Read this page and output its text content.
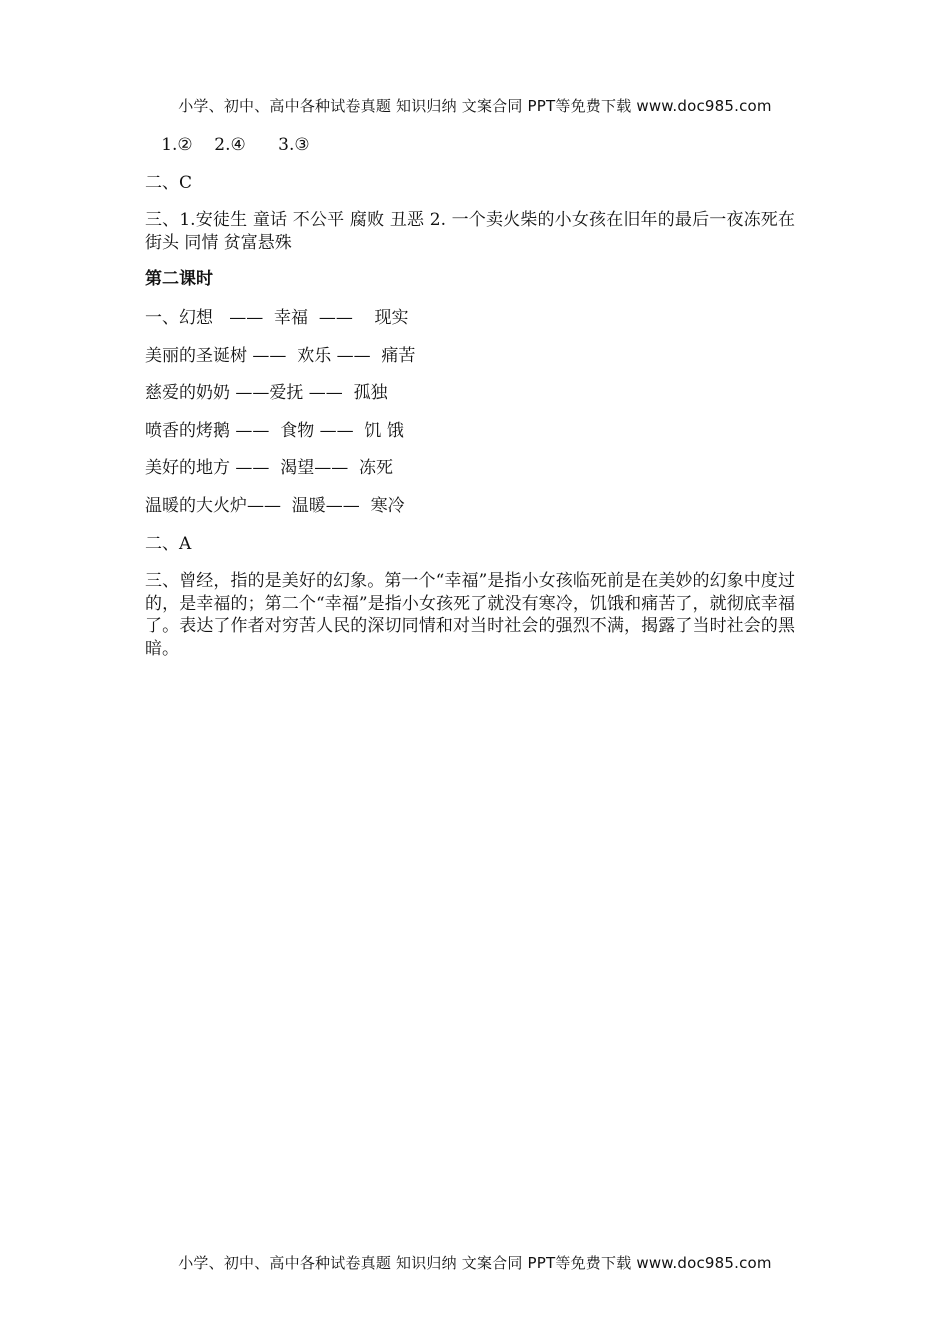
小学、初中、高中各种试卷真题 知识归纳 文案合同 PPT等免费下载 www.doc985.com
1.②    2.④      3.③
二、C
三、1.安徒生 童话 不公平 腐败 丑恶 2. 一个卖火柴的小女孩在旧年的最后一夜冻死在街头 同情 贫富悬殊
第二课时
一、幻想   ——  幸福  ——    现实
美丽的圣诞树 ——  欢乐 ——  痛苦
慈爱的奶奶 ——爱抚 ——  孤独
喷香的烤鹅 ——  食物 ——  饥 饿
美好的地方 ——  渴望——  冻死
温暖的大火炉——  温暖——  寒冷
二、A
三、曾经，指的是美好的幻象。第一个“幸福”是指小女孩临死前是在美妙的幻象中度过的，是幸福的；第二个“幸福”是指小女孩死了就没有寒冷，饥饿和痛苦了，就彻底幸福了。表达了作者对穷苦人民的深切同情和对当时社会的强烈不满，揭露了当时社会的黑暗。
小学、初中、高中各种试卷真题 知识归纳 文案合同 PPT等免费下载 www.doc985.com
